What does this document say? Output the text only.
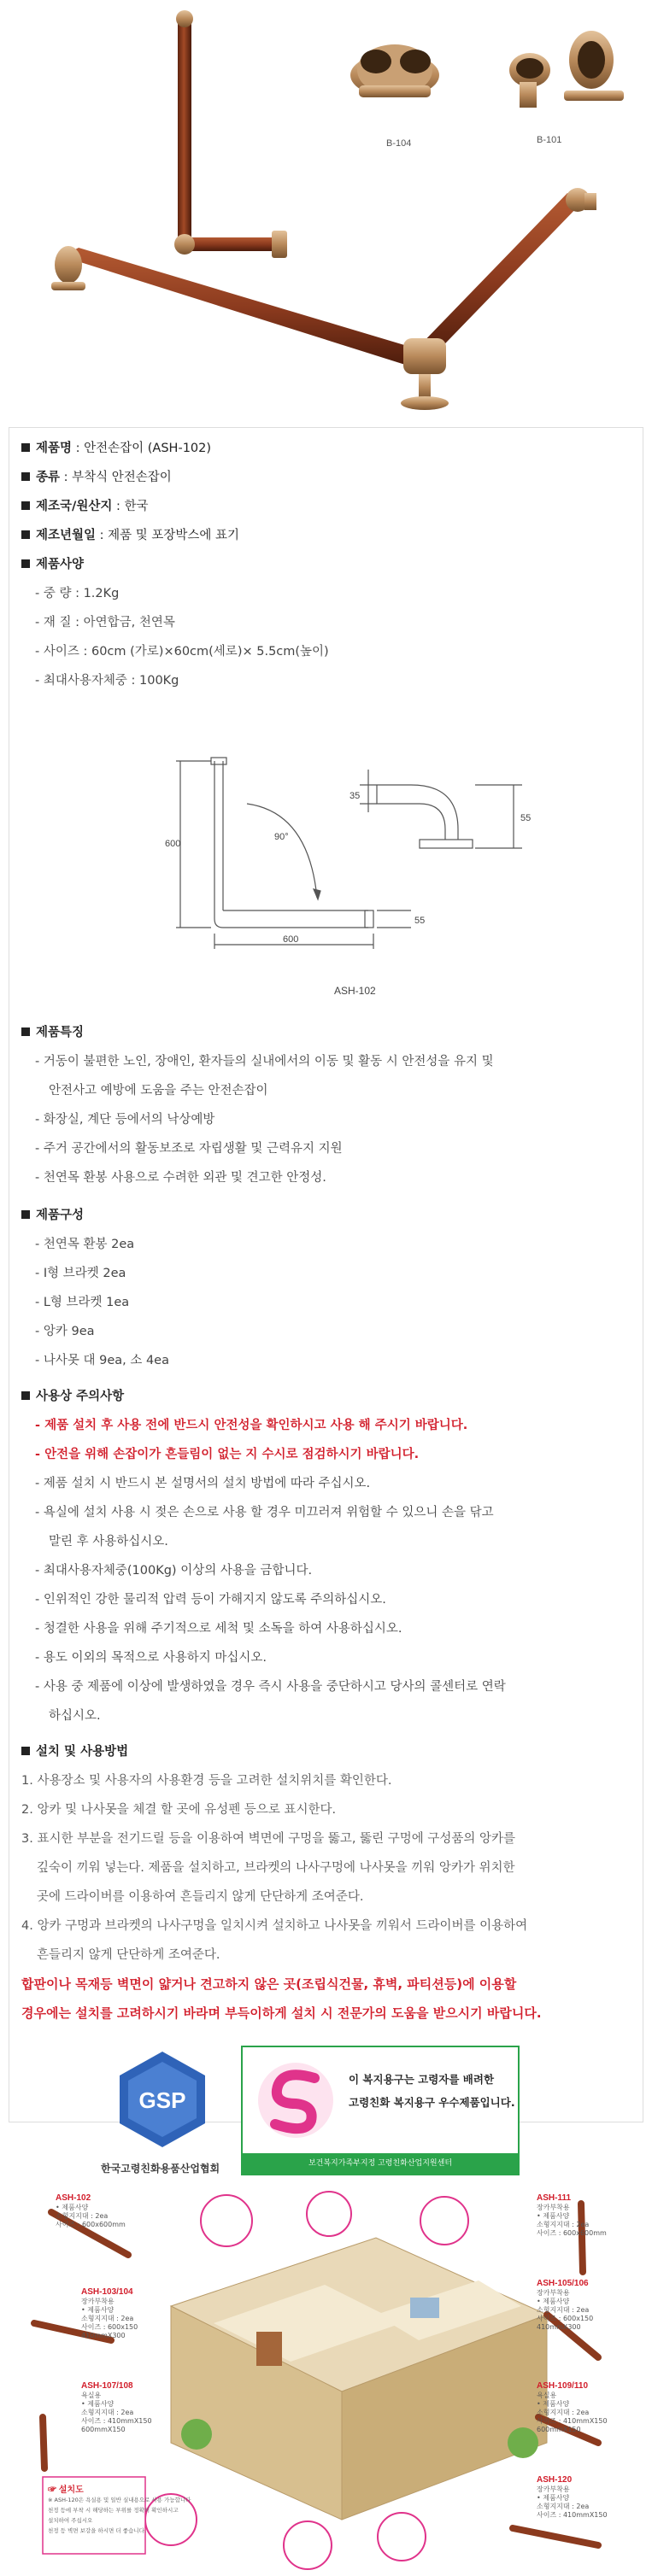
B-104	B-101
제품명 : 안전손잡이 (ASH-102)
종류 : 부착식 안전손잡이
제조국/원산지 : 한국
제조년월일 : 제품 및 포장박스에 표기
제품사양
- 중 량 : 1.2Kg
- 재 질 : 아연합금, 천연목
- 사이즈 : 60cm (가로)×60cm(세로)× 5.5cm(높이)
- 최대사용자체중 : 100Kg
600
90°
600
55
35
55
ASH-102
제품특징
- 거동이 불편한 노인, 장애인, 환자들의 실내에서의 이동 및 활동 시 안전성을 유지 및
안전사고 예방에 도움을 주는 안전손잡이
- 화장실, 계단 등에서의 낙상예방
- 주거 공간에서의 활동보조로 자립생활 및 근력유지 지원
- 천연목 환봉 사용으로 수려한 외관 및 견고한 안정성.
제품구성
- 천연목 환봉 2ea
- I형 브라켓 2ea
- L형 브라켓 1ea
- 앙카 9ea
- 나사못 대 9ea, 소 4ea
사용상 주의사항
- 제품 설치 후 사용 전에 반드시 안전성을 확인하시고 사용 해 주시기 바랍니다.
- 안전을 위해 손잡이가 흔들림이 없는 지 수시로 점검하시기 바랍니다.
- 제품 설치 시 반드시 본 설명서의 설치 방법에 따라 주십시오.
- 욕실에 설치 사용 시 젖은 손으로 사용 할 경우 미끄러져 위험할 수 있으니 손을 닦고
말린 후 사용하십시오.
- 최대사용자체중(100Kg) 이상의 사용을 금합니다.
- 인위적인 강한 물리적 압력 등이 가해지지 않도록 주의하십시오.
- 청결한 사용을 위해 주기적으로 세척 및 소독을 하여 사용하십시오.
- 용도 이외의 목적으로 사용하지 마십시오.
- 사용 중 제품에 이상에 발생하였을 경우 즉시 사용을 중단하시고 당사의 콜센터로 연락
하십시오.
설치 및 사용방법
1. 사용장소 및 사용자의 사용환경 등을 고려한 설치위치를 확인한다.
2. 앙카 및 나사못을 체결 할 곳에 유성펜 등으로 표시한다.
3. 표시한 부분을 전기드릴 등을 이용하여 벽면에 구멍을 뚫고, 뚫린 구멍에 구성품의 앙카를
깊숙이 끼워 넣는다. 제품을 설치하고, 브라켓의 나사구멍에 나사못을 끼워 앙카가 위치한
곳에 드라이버를 이용하여 흔들리지 않게 단단하게 조여준다.
4. 앙카 구멍과 브라켓의 나사구멍을 일치시켜 설치하고 나사못을 끼워서 드라이버를 이용하여
흔들리지 않게 단단하게 조여준다.
합판이나 목재등 벽면이 얇거나 견고하지 않은 곳(조립식건물, 휴벽, 파티션등)에 이용할
경우에는 설치를 고려하시기 바라며 부득이하게 설치 시 전문가의 도움을 받으시기 바랍니다.
GSP
한국고령친화용품산업협회
이 복지용구는 고령자를 배려한
고령친화 복지용구 우수제품입니다.
보건복지가족부지정 고령친화산업지원센터
ASH-102
• 제품사양
소형지지대 : 2ea
사이즈 : 600x600mm
ASH-111
장카부착용
• 제품사양
소형지지대 : 2ea
사이즈 : 600x600mm
ASH-103/104
장카부착용
• 제품사양
소형지지대 : 2ea
사이즈 : 600x150
410mmX300
ASH-105/106
장카부착용
• 제품사양
소형지지대 : 2ea
사이즈 : 600x150
410mmX300
ASH-107/108
욕실용
• 제품사양
소형지지대 : 2ea
사이즈 : 410mmX150
600mmX150
ASH-109/110
욕실용
• 제품사양
소형지지대 : 2ea
사이즈 : 410mmX150
600mmX150
ASH-120
장카부착용
• 제품사양
소형지지대 : 2ea
사이즈 : 410mmX150
☞ 설치도
※ ASH-120은 욕실용 및 일반 실내용으로 사용 가능합니다
천정 등에 부착 시 해당하는 부위를 정확히 확인하시고
설치하여 주십시오
천정 등 벽면 보강을 하시면 더 좋습니다.
